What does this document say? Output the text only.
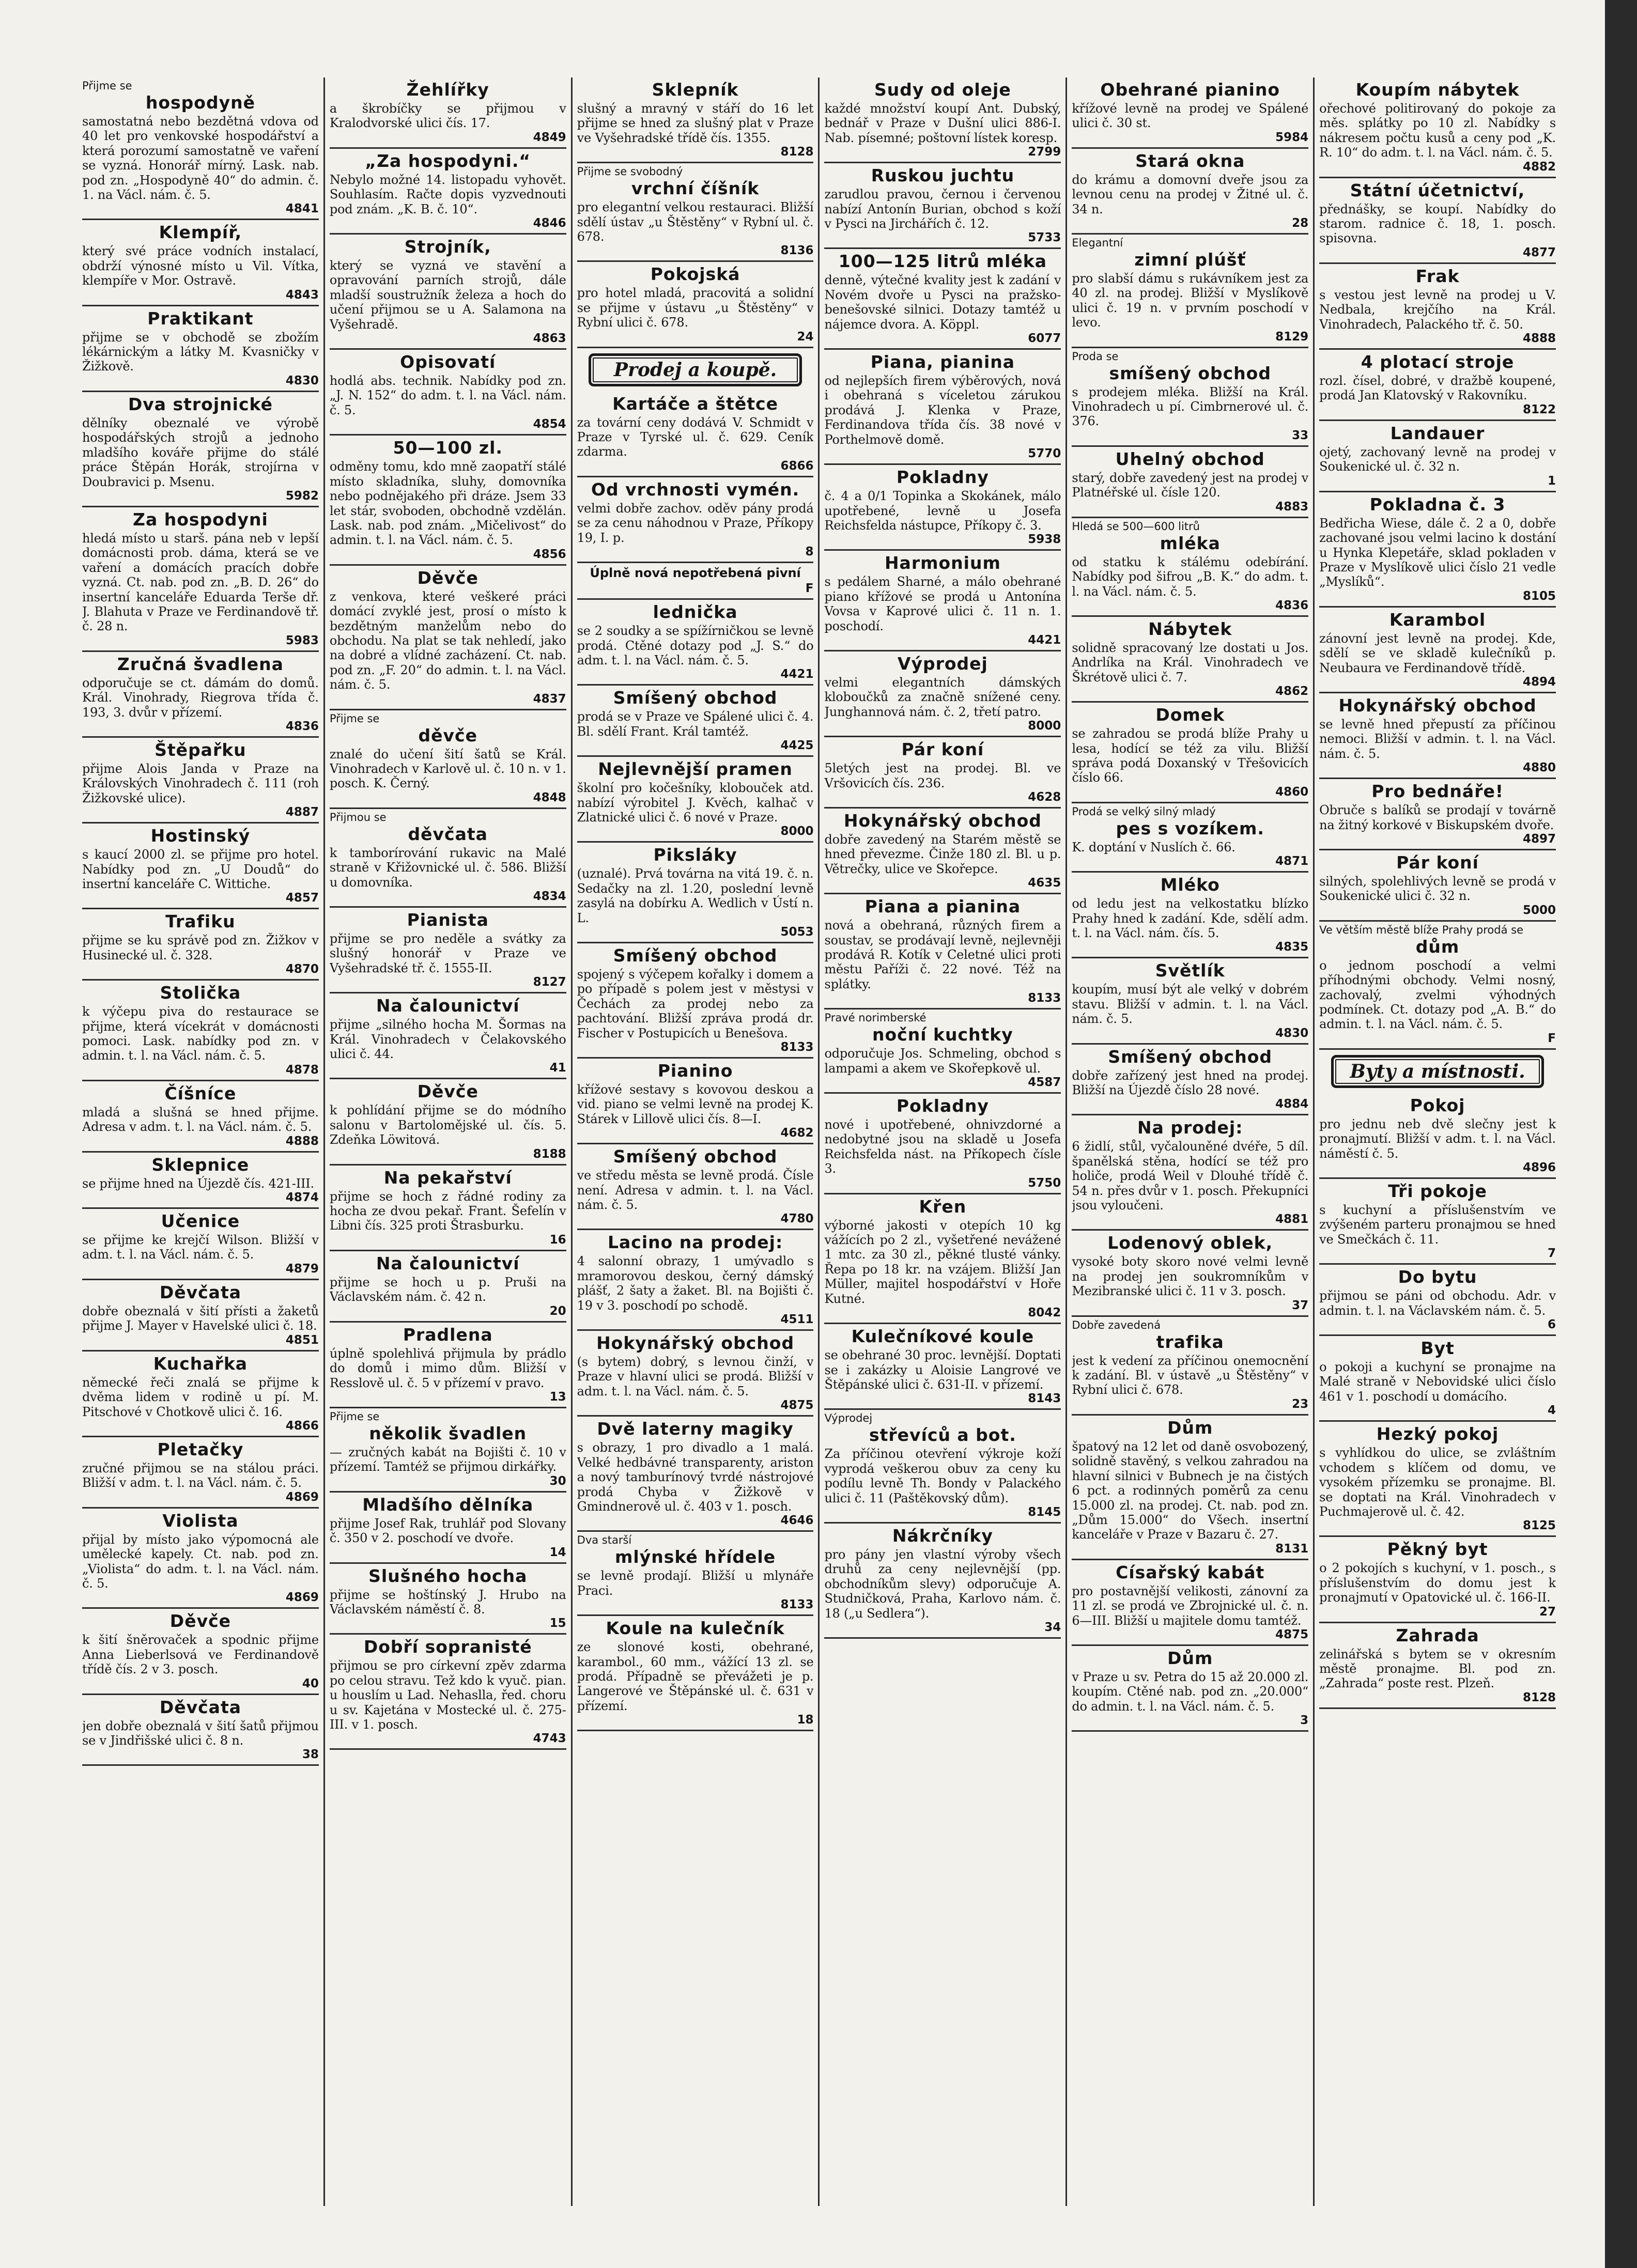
Přijme se
hospodyně
samostatná nebo bezdětná vdova od 40 let pro venkovské hospodářství a která porozumí samostatně ve vaření se vyzná. Honorář mírný. Lask. nab. pod zn. „Hospodyně 40“ do admin. č. 1. na Václ. nám. č. 5.
4841
Klempíř,
který své práce vodních instalací, obdrží výnosné místo u Vil. Vítka, klempíře v Mor. Ostravě.
4843
Praktikant
přijme se v obchodě se zbožím lékárnickým a látky M. Kvasničky v Žižkově.
4830
Dva strojnické
dělníky obeznalé ve výrobě hospodářských strojů a jednoho mladšího kováře přijme do stálé práce Štěpán Horák, strojírna v Doubravici p. Msenu.
5982
Za hospodyni
hledá místo u starš. pána neb v lepší domácnosti prob. dáma, která se ve vaření a domácích pracích dobře vyzná. Ct. nab. pod zn. „B. D. 26“ do insertní kanceláře Eduarda Terše dř. J. Blahuta v Praze ve Ferdinandově tř. č. 28 n.
5983
Zručná švadlena
odporučuje se ct. dámám do domů. Král. Vinohrady, Riegrova třída č. 193, 3. dvůr v přízemí.
4836
Štěpařku
přijme Alois Janda v Praze na Královských Vinohradech č. 111 (roh Žižkovské ulice).
4887
Hostinský
s kaucí 2000 zl. se přijme pro hotel. Nabídky pod zn. „U Doudů“ do insertní kanceláře C. Wittiche.
4857
Trafiku
přijme se ku správě pod zn. Žižkov v Husinecké ul. č. 328.
4870
Stolička
k výčepu piva do restaurace se přijme, která vícekrát v domácnosti pomoci. Lask. nabídky pod zn. v admin. t. l. na Václ. nám. č. 5.
4878
Číšníce
mladá a slušná se hned přijme. Adresa v adm. t. l. na Václ. nám. č. 5.
4888
Sklepnice
se přijme hned na Újezdě čís. 421-III.
4874
Učenice
se přijme ke krejčí Wilson. Bližší v adm. t. l. na Václ. nám. č. 5.
4879
Děvčata
dobře obeznalá v šití přísti a žaketů přijme J. Mayer v Havelské ulici č. 18.
4851
Kuchařka
německé řeči znalá se přijme k dvěma lidem v rodině u pí. M. Pitschové v Chotkově ulici č. 16.
4866
Pletačky
zručné přijmou se na stálou práci. Bližší v adm. t. l. na Václ. nám. č. 5.
4869
Violista
přijal by místo jako výpomocná ale umělecké kapely. Ct. nab. pod zn. „Violista“ do adm. t. l. na Václ. nám. č. 5.
4869
Děvče
k šití šněrovaček a spodnic přijme Anna Lieberlsová ve Ferdinandově třídě čís. 2 v 3. posch.
40
Děvčata
jen dobře obeznalá v šití šatů přijmou se v Jindřišské ulici č. 8 n.
38
Žehlířky
a škrobíčky se přijmou v Kralodvorské ulici čís. 17.
4849
„Za hospodyni.“
Nebylo možné 14. listopadu vyhovět. Souhlasím. Račte dopis vyzvednouti pod znám. „K. B. č. 10“.
4846
Strojník,
který se vyzná ve stavění a opravování parních strojů, dále mladší soustružník železa a hoch do učení přijmou se u A. Salamona na Vyšehradě.
4863
Opisovatí
hodlá abs. technik. Nabídky pod zn. „J. N. 152“ do adm. t. l. na Václ. nám. č. 5.
4854
50—100 zl.
odměny tomu, kdo mně zaopatří stálé místo skladníka, sluhy, domovníka nebo podnějakého při dráze. Jsem 33 let stár, svoboden, obchodně vzdělán. Lask. nab. pod znám. „Mičelivost“ do admin. t. l. na Václ. nám. č. 5.
4856
Děvče
z venkova, které veškeré práci domácí zvyklé jest, prosí o místo k bezdětným manželům nebo do obchodu. Na plat se tak nehledí, jako na dobré a vlídné zacházení. Ct. nab. pod zn. „F. 20“ do admin. t. l. na Václ. nám. č. 5.
4837
Přijme se
děvče
znalé do učení šití šatů se Král. Vinohradech v Karlově ul. č. 10 n. v 1. posch. K. Černý.
4848
Přijmou se
děvčata
k tamborírování rukavic na Malé straně v Křižovnické ul. č. 586. Bližší u domovníka.
4834
Pianista
přijme se pro neděle a svátky za slušný honorář v Praze ve Vyšehradské tř. č. 1555-II.
8127
Na čalounictví
přijme „silného hocha M. Šormas na Král. Vinohradech v Čelakovského ulici č. 44.
41
Děvče
k pohlídání přijme se do módního salonu v Bartolomějské ul. čís. 5. Zdeňka Löwitová.
8188
Na pekařství
přijme se hoch z řádné rodiny za hocha ze dvou pekař. Frant. Šefelín v Libni čís. 325 proti Štrasburku.
16
Na čalounictví
přijme se hoch u p. Pruši na Václavském nám. č. 42 n.
20
Pradlena
úplně spolehlivá přijmula by prádlo do domů i mimo dům. Bližší v Resslově ul. č. 5 v přízemí v pravo.
13
Přijme se
několik švadlen
— zručných kabát na Bojišti č. 10 v přízemí. Tamtéž se přijmou dirkářky.
30
Mladšího dělníka
přijme Josef Rak, truhlář pod Slovany č. 350 v 2. poschodí ve dvoře.
14
Slušného hocha
přijme se hoštínský J. Hrubo na Václavském náměstí č. 8.
15
Dobří sopranisté
přijmou se pro církevní zpěv zdarma po celou stravu. Tež kdo k vyuč. pian. u houslím u Lad. Nehaslla, řed. choru u sv. Kajetána v Mostecké ul. č. 275-III. v 1. posch.
4743
Sklepník
slušný a mravný v stáří do 16 let přijme se hned za slušný plat v Praze ve Vyšehradské třídě čís. 1355.
8128
Přijme se svobodný
vrchní číšník
pro elegantní velkou restauraci. Bližší sdělí ústav „u Štěstěny“ v Rybní ul. č. 678.
8136
Pokojská
pro hotel mladá, pracovitá a solidní se přijme v ústavu „u Štěstěny“ v Rybní ulici č. 678.
24
Prodej a koupě.
Kartáče a štětce
za tovární ceny dodává V. Schmidt v Praze v Tyrské ul. č. 629. Ceník zdarma.
6866
Od vrchnosti vymén.
velmi dobře zachov. oděv pány prodá se za cenu náhodnou v Praze, Příkopy 19, I. p.
8
Úplně nová nepotřebená pivní
F
lednička
se 2 soudky a se spížírničkou se levně prodá. Ctěné dotazy pod „J. S.“ do adm. t. l. na Václ. nám. č. 5.
4421
Smíšený obchod
prodá se v Praze ve Spálené ulici č. 4. Bl. sdělí Frant. Král tamtéž.
4425
Nejlevnější pramen
školní pro kočešníky, klobouček atd. nabízí výrobitel J. Kvěch, kalhač v Zlatnické ulici č. 6 nové v Praze.
8000
Piksláky
(uznalé). Prvá továrna na vitá 19. č. n. Sedačky na zl. 1.20, poslední levně zasylá na dobírku A. Wedlich v Ústí n. L.
5053
Smíšený obchod
spojený s výčepem kořalky i domem a po případě s polem jest v městysi v Čechách za prodej nebo za pachtování. Bližší zpráva prodá dr. Fischer v Postupicích u Benešova.
8133
Pianino
křížové sestavy s kovovou deskou a vid. piano se velmi levně na prodej K. Stárek v Lillově ulici čís. 8—I.
4682
Smíšený obchod
ve středu města se levně prodá. Čísle není. Adresa v admin. t. l. na Václ. nám. č. 5.
4780
Lacino na prodej:
4 salonní obrazy, 1 umývadlo s mramorovou deskou, černý dámský plášť, 2 šaty a žaket. Bl. na Bojišti č. 19 v 3. poschodí po schodě.
4511
Hokynářský obchod
(s bytem) dobrý, s levnou činží, v Praze v hlavní ulici se prodá. Bližší v adm. t. l. na Václ. nám. č. 5.
4875
Dvě laterny magiky
s obrazy, 1 pro divadlo a 1 malá. Velké hedbávné transparenty, ariston a nový tamburínový tvrdé nástrojové prodá Chyba v Žižkově v Gmindnerově ul. č. 403 v 1. posch.
4646
Dva starší
mlýnské hřídele
se levně prodají. Bližší u mlynáře Praci.
8133
Koule na kulečník
ze slonové kosti, obehrané, karambol., 60 mm., vážící 13 zl. se prodá. Případně se převážeti je p. Langerové ve Štěpánské ul. č. 631 v přízemí.
18
Sudy od oleje
každé množství koupí Ant. Dubský, bednář v Praze v Dušní ulici 886-I. Nab. písemné; poštovní lístek koresp.
2799
Ruskou juchtu
zarudlou pravou, černou i červenou nabízí Antonín Burian, obchod s koží v Pysci na Jirchářích č. 12.
5733
100—125 litrů mléka
denně, výtečné kvality jest k zadání v Novém dvoře u Pysci na pražsko-benešovské silnici. Dotazy tamtéž u nájemce dvora. A. Köppl.
6077
Piana, pianina
od nejlepších firem výběrových, nová i obehraná s víceletou zárukou prodává J. Klenka v Praze, Ferdinandova třída čís. 38 nové v Porthelmově domě.
5770
Pokladny
č. 4 a 0/1 Topinka a Skokánek, málo upotřebené, levně u Josefa Reichsfelda nástupce, Příkopy č. 3.
5938
Harmonium
s pedálem Sharné, a málo obehrané piano křížové se prodá u Antonína Vovsa v Kaprové ulici č. 11 n. 1. poschodí.
4421
Výprodej
velmi elegantních dámských kloboučků za značně snížené ceny. Junghannová nám. č. 2, třetí patro.
8000
Pár koní
5letých jest na prodej. Bl. ve Vršovicích čís. 236.
4628
Hokynářský obchod
dobře zavedený na Starém městě se hned převezme. Činže 180 zl. Bl. u p. Větrečky, ulice ve Skořepce.
4635
Piana a pianina
nová a obehraná, různých firem a soustav, se prodávají levně, nejlevněji prodává R. Kotík v Celetné ulici proti městu Paříži č. 22 nové. Též na splátky.
8133
Pravé norimberské
noční kuchtky
odporučuje Jos. Schmeling, obchod s lampami a akem ve Skořepkově ul.
4587
Pokladny
nové i upotřebené, ohnivzdorné a nedobytné jsou na skladě u Josefa Reichsfelda nást. na Příkopech čísle 3.
5750
Křen
výborné jakosti v otepích 10 kg vážících po 2 zl., vyšetřené nevážené 1 mtc. za 30 zl., pěkné tlusté vánky. Řepa po 18 kr. na vzájem. Bližší Jan Müller, majitel hospodářství v Hoře Kutné.
8042
Kulečníkové koule
se obehrané 30 proc. levnější. Doptati se i zakázky u Aloisie Langrové ve Štěpánské ulici č. 631-II. v přízemí.
8143
Výprodej
střevíců a bot.
Za příčinou otevření výkroje koží vyprodá veškerou obuv za ceny ku podílu levně Th. Bondy v Palackého ulici č. 11 (Paštěkovský dům).
8145
Nákrčníky
pro pány jen vlastní výroby všech druhů za ceny nejlevnější (pp. obchodníkům slevy) odporučuje A. Studničková, Praha, Karlovo nám. č. 18 („u Sedlera“).
34
Obehrané pianino
křížové levně na prodej ve Spálené ulici č. 30 st.
5984
Stará okna
do krámu a domovní dveře jsou za levnou cenu na prodej v Žitné ul. č. 34 n.
28
Elegantní
zimní plúšť
pro slabší dámu s rukávníkem jest za 40 zl. na prodej. Bližší v Myslíkově ulici č. 19 n. v prvním poschodí v levo.
8129
Proda se
smíšený obchod
s prodejem mléka. Bližší na Král. Vinohradech u pí. Cimbrnerové ul. č. 376.
33
Uhelný obchod
starý, dobře zavedený jest na prodej v Platnéřské ul. čísle 120.
4883
Hledá se 500—600 litrů
mléka
od statku k stálému odebírání. Nabídky pod šifrou „B. K.“ do adm. t. l. na Václ. nám. č. 5.
4836
Nábytek
solidně spracovaný lze dostati u Jos. Andrlíka na Král. Vinohradech ve Škrétově ulici č. 7.
4862
Domek
se zahradou se prodá blíže Prahy u lesa, hodící se též za vilu. Bližší správa podá Doxanský v Třešovicích číslo 66.
4860
Prodá se velký silný mladý
pes s vozíkem.
K. doptání v Nuslích č. 66.
4871
Mléko
od ledu jest na velkostatku blízko Prahy hned k zadání. Kde, sdělí adm. t. l. na Václ. nám. čís. 5.
4835
Světlík
koupím, musí být ale velký v dobrém stavu. Bližší v admin. t. l. na Václ. nám. č. 5.
4830
Smíšený obchod
dobře zařízený jest hned na prodej. Bližší na Újezdě číslo 28 nové.
4884
Na prodej:
6 židlí, stůl, vyčalouněné dvéře, 5 díl. španělská stěna, hodící se též pro holiče, prodá Weil v Dlouhé třídě č. 54 n. přes dvůr v 1. posch. Překupníci jsou vyloučeni.
4881
Lodenový oblek,
vysoké boty skoro nové velmi levně na prodej jen soukromníkům v Mezibranské ulici č. 11 v 3. posch.
37
Dobře zavedená
trafika
jest k vedení za příčinou onemocnění k zadání. Bl. v ústavě „u Štěstěny“ v Rybní ulici č. 678.
23
Dům
špatový na 12 let od daně osvobozený, solidně stavěný, s velkou zahradou na hlavní silnici v Bubnech je na čistých 6 pct. a rodinných poměrů za cenu 15.000 zl. na prodej. Ct. nab. pod zn. „Dům 15.000“ do Všech. insertní kanceláře v Praze v Bazaru č. 27.
8131
Císařský kabát
pro postavnější velikosti, zánovní za 11 zl. se prodá ve Zbrojnické ul. č. n. 6—III. Bližší u majitele domu tamtéž.
4875
Dům
v Praze u sv. Petra do 15 až 20.000 zl. koupím. Ctěné nab. pod zn. „20.000“ do admin. t. l. na Václ. nám. č. 5.
3
Koupím nábytek
ořechové politirovaný do pokoje za měs. splátky po 10 zl. Nabídky s nákresem počtu kusů a ceny pod „K. R. 10“ do adm. t. l. na Václ. nám. č. 5.
4882
Státní účetnictví,
přednášky, se koupí. Nabídky do starom. radnice č. 18, 1. posch. spisovna.
4877
Frak
s vestou jest levně na prodej u V. Nedbala, krejčího na Král. Vinohradech, Palackého tř. č. 50.
4888
4 plotací stroje
rozl. čísel, dobré, v dražbě koupené, prodá Jan Klatovský v Rakovníku.
8122
Landauer
ojetý, zachovaný levně na prodej v Soukenické ul. č. 32 n.
1
Pokladna č. 3
Bedřicha Wiese, dále č. 2 a 0, dobře zachované jsou velmi lacino k dostání u Hynka Klepetáře, sklad pokladen v Praze v Myslíkově ulici číslo 21 vedle „Myslíků“.
8105
Karambol
zánovní jest levně na prodej. Kde, sdělí se ve skladě kulečníků p. Neubaura ve Ferdinandově třídě.
4894
Hokynářský obchod
se levně hned přepustí za příčinou nemoci. Bližší v admin. t. l. na Václ. nám. č. 5.
4880
Pro bednáře!
Obruče s balíků se prodají v továrně na žitný korkové v Biskupském dvoře.
4897
Pár koní
silných, spolehlivých levně se prodá v Soukenické ulici č. 32 n.
5000
Ve větším městě blíže Prahy prodá se
dům
o jednom poschodí a velmi příhodnými obchody. Velmi nosný, zachovalý, zvelmi výhodných podmínek. Ct. dotazy pod „A. B.“ do admin. t. l. na Václ. nám. č. 5.
F
Byty a místnosti.
Pokoj
pro jednu neb dvě slečny jest k pronajmutí. Bližší v adm. t. l. na Václ. náměstí č. 5.
4896
Tři pokoje
s kuchyní a příslušenstvím ve zvýšeném parteru pronajmou se hned ve Smečkách č. 11.
7
Do bytu
přijmou se páni od obchodu. Adr. v admin. t. l. na Václavském nám. č. 5.
6
Byt
o pokoji a kuchyní se pronajme na Malé straně v Nebovidské ulici číslo 461 v 1. poschodí u domácího.
4
Hezký pokoj
s vyhlídkou do ulice, se zvláštním vchodem s klíčem od domu, ve vysokém přízemku se pronajme. Bl. se doptati na Král. Vinohradech v Puchmajerově ul. č. 42.
8125
Pěkný byt
o 2 pokojích s kuchyní, v 1. posch., s příslušenstvím do domu jest k pronajmutí v Opatovické ul. č. 166-II.
27
Zahrada
zelinářská s bytem se v okresním městě pronajme. Bl. pod zn. „Zahrada“ poste rest. Plzeň.
8128
